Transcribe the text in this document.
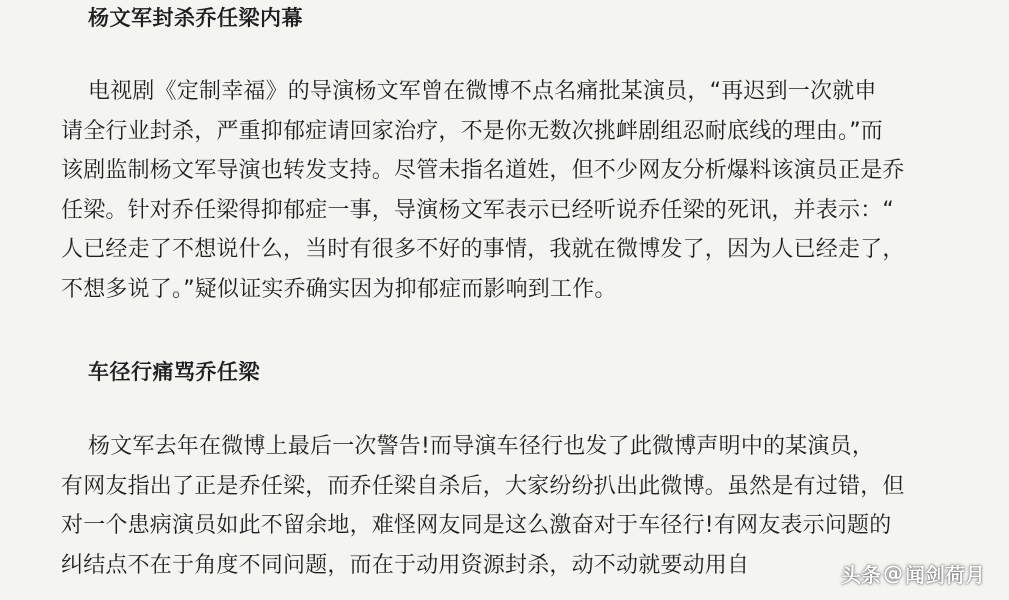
杨文军封杀乔任梁内幕
电视剧《定制幸福》的导演杨文军曾在微博不点名痛批某演员，“再迟到一次就申
请全行业封杀，严重抑郁症请回家治疗，不是你无数次挑衅剧组忍耐底线的理由。”而
该剧监制杨文军导演也转发支持。尽管未指名道姓，但不少网友分析爆料该演员正是乔
任梁。针对乔任梁得抑郁症一事，导演杨文军表示已经听说乔任梁的死讯，并表示：“
人已经走了不想说什么，当时有很多不好的事情，我就在微博发了，因为人已经走了，
不想多说了。”疑似证实乔确实因为抑郁症而影响到工作。
车径行痛骂乔任梁
杨文军去年在微博上最后一次警告!而导演车径行也发了此微博声明中的某演员，
有网友指出了正是乔任梁，而乔任梁自杀后，大家纷纷扒出此微博。虽然是有过错，但
对一个患病演员如此不留余地，难怪网友同是这么激奋对于车径行!有网友表示问题的
纠结点不在于角度不同问题，而在于动用资源封杀，动不动就要动用自	头条 @ 闻剑荷月
